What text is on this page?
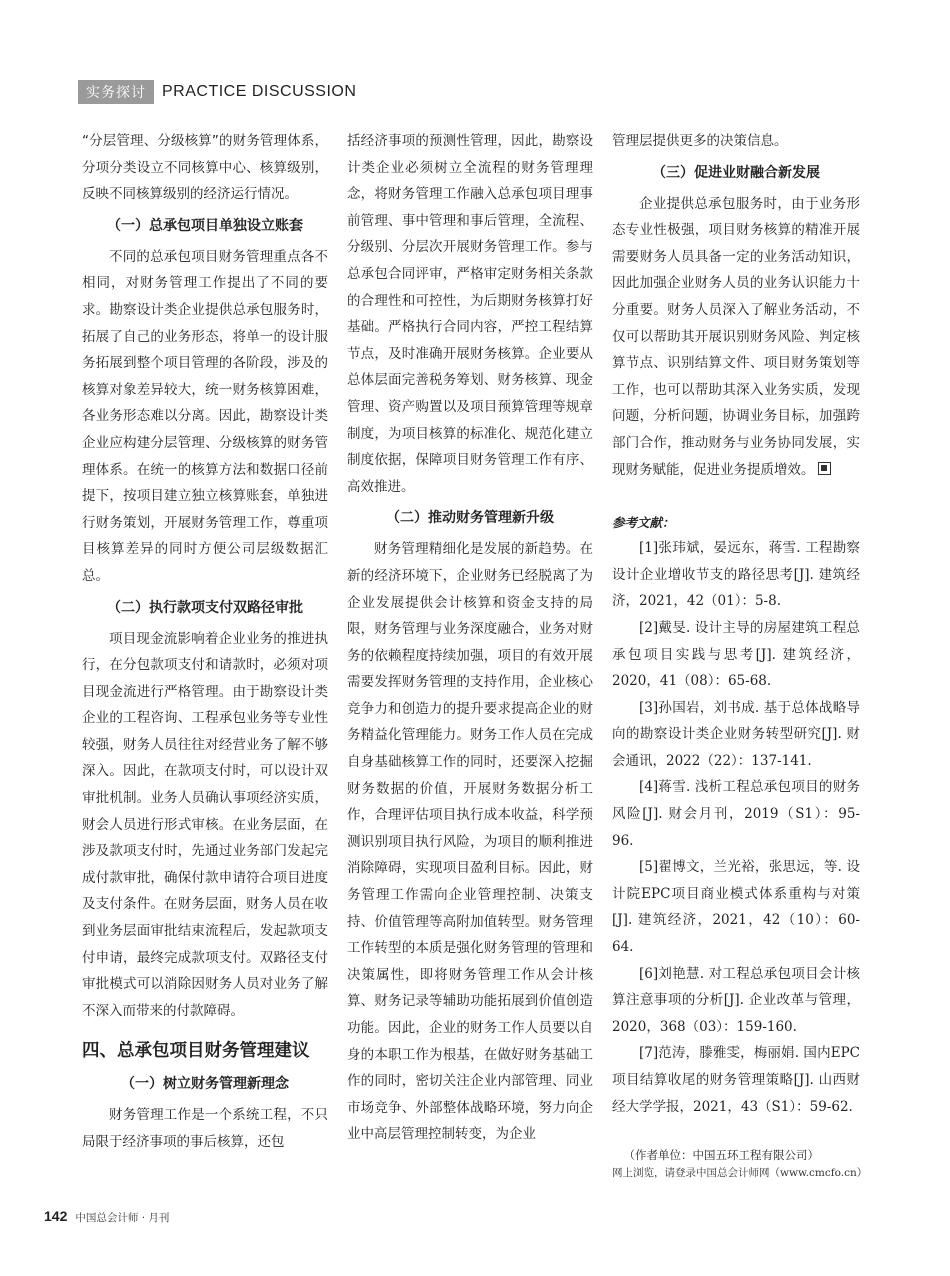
实务探讨	PRACTICE DISCUSSION

“分层管理、分级核算”的财务管理体系，分项分类设立不同核算中心、核算级别，反映不同核算级别的经济运行情况。

（一）总承包项目单独设立账套

不同的总承包项目财务管理重点各不相同，对财务管理工作提出了不同的要求。勘察设计类企业提供总承包服务时，拓展了自己的业务形态，将单一的设计服务拓展到整个项目管理的各阶段，涉及的核算对象差异较大，统一财务核算困难，各业务形态难以分离。因此，勘察设计类企业应构建分层管理、分级核算的财务管理体系。在统一的核算方法和数据口径前提下，按项目建立独立核算账套，单独进行财务策划，开展财务管理工作，尊重项目核算差异的同时方便公司层级数据汇总。

（二）执行款项支付双路径审批

项目现金流影响着企业业务的推进执行，在分包款项支付和请款时，必须对项目现金流进行严格管理。由于勘察设计类企业的工程咨询、工程承包业务等专业性较强，财务人员往往对经营业务了解不够深入。因此，在款项支付时，可以设计双审批机制。业务人员确认事项经济实质，财会人员进行形式审核。在业务层面，在涉及款项支付时，先通过业务部门发起完成付款审批，确保付款申请符合项目进度及支付条件。在财务层面，财务人员在收到业务层面审批结束流程后，发起款项支付申请，最终完成款项支付。双路径支付审批模式可以消除因财务人员对业务了解不深入而带来的付款障碍。

四、总承包项目财务管理建议
（一）树立财务管理新理念

财务管理工作是一个系统工程，不只局限于经济事项的事后核算，还包

括经济事项的预测性管理，因此，勘察设计类企业必须树立全流程的财务管理理念，将财务管理工作融入总承包项目理事前管理、事中管理和事后管理，全流程、分级别、分层次开展财务管理工作。参与总承包合同评审，严格审定财务相关条款的合理性和可控性，为后期财务核算打好基础。严格执行合同内容，严控工程结算节点，及时准确开展财务核算。企业要从总体层面完善税务筹划、财务核算、现金管理、资产购置以及项目预算管理等规章制度，为项目核算的标准化、规范化建立制度依据，保障项目财务管理工作有序、高效推进。

（二）推动财务管理新升级

财务管理精细化是发展的新趋势。在新的经济环境下，企业财务已经脱离了为企业发展提供会计核算和资金支持的局限，财务管理与业务深度融合，业务对财务的依赖程度持续加强，项目的有效开展需要发挥财务管理的支持作用，企业核心竞争力和创造力的提升要求提高企业的财务精益化管理能力。财务工作人员在完成自身基础核算工作的同时，还要深入挖掘财务数据的价值，开展财务数据分析工作，合理评估项目执行成本收益，科学预测识别项目执行风险，为项目的顺利推进消除障碍，实现项目盈利目标。因此，财务管理工作需向企业管理控制、决策支持、价值管理等高附加值转型。财务管理工作转型的本质是强化财务管理的管理和决策属性，即将财务管理工作从会计核算、财务记录等辅助功能拓展到价值创造功能。因此，企业的财务工作人员要以自身的本职工作为根基，在做好财务基础工作的同时，密切关注企业内部管理、同业市场竞争、外部整体战略环境，努力向企业中高层管理控制转变，为企业

管理层提供更多的决策信息。

（三）促进业财融合新发展

企业提供总承包服务时，由于业务形态专业性极强，项目财务核算的精准开展需要财务人员具备一定的业务活动知识，因此加强企业财务人员的业务认识能力十分重要。财务人员深入了解业务活动，不仅可以帮助其开展识别财务风险、判定核算节点、识别结算文件、项目财务策划等工作，也可以帮助其深入业务实质，发现问题，分析问题，协调业务目标，加强跨部门合作，推动财务与业务协同发展，实现财务赋能，促进业务提质增效。

参考文献：

[1]张玮斌，晏远东，蒋雪. 工程勘察设计企业增收节支的路径思考[J]. 建筑经济，2021，42（01）：5-8.

[2]戴旻. 设计主导的房屋建筑工程总承包项目实践与思考[J]. 建筑经济，2020，41（08）：65-68.

[3]孙国岩，刘书成. 基于总体战略导向的勘察设计类企业财务转型研究[J]. 财会通讯，2022（22）：137-141.

[4]蒋雪. 浅析工程总承包项目的财务风险[J]. 财会月刊，2019（S1）：95-96.

[5]翟博文，兰光裕，张思远，等. 设计院EPC项目商业模式体系重构与对策[J]. 建筑经济，2021，42（10）：60-64.

[6]刘艳慧. 对工程总承包项目会计核算注意事项的分析[J]. 企业改革与管理，2020，368（03）：159-160.

[7]范涛，滕雅雯，梅丽娟. 国内EPC项目结算收尾的财务管理策略[J]. 山西财经大学学报，2021，43（S1）：59-62.

（作者单位：中国五环工程有限公司）
网上浏览，请登录中国总会计师网（www.cmcfo.cn）
142 中国总会计师 · 月刊
